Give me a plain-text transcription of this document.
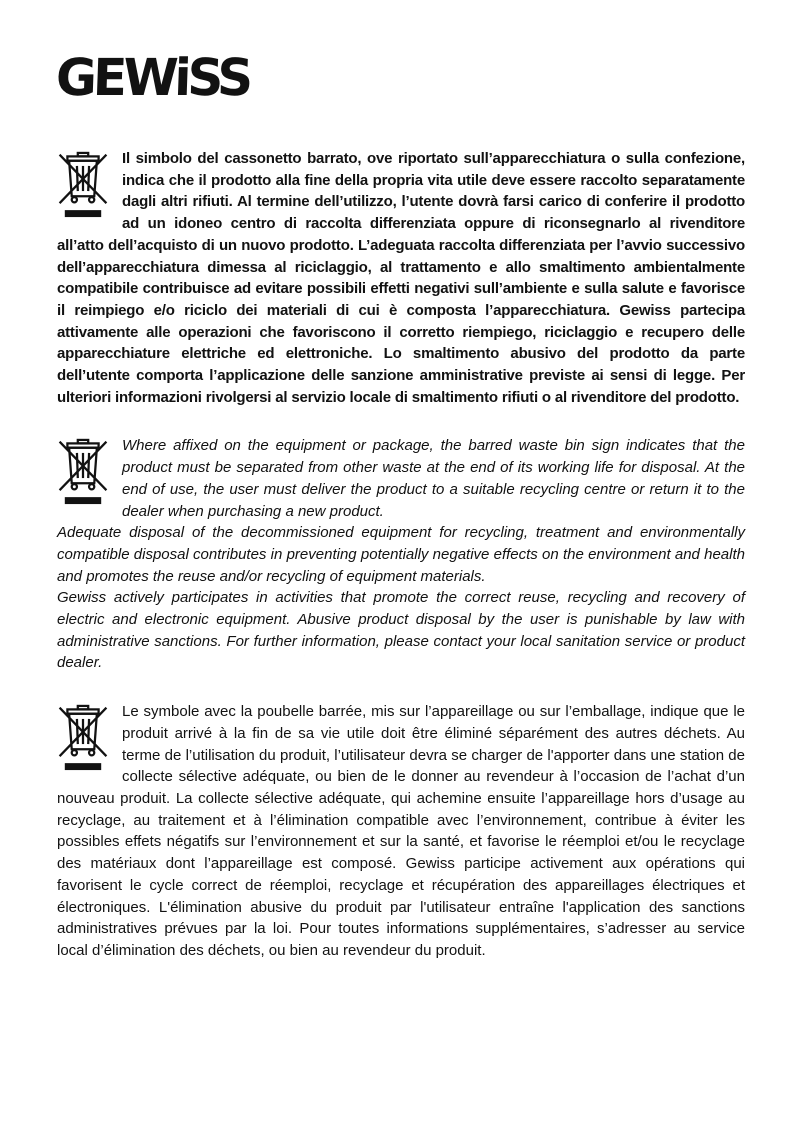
GEWiSS

Il simbolo del cassonetto barrato, ove riportato sull’apparecchiatura o sulla confezione, indica che il prodotto alla fine della propria vita utile deve essere raccolto separatamente dagli altri rifiuti. Al termine dell’utilizzo, l’utente dovrà farsi carico di conferire il prodotto ad un idoneo centro di raccolta differenziata oppure di riconsegnarlo al rivenditore all’atto dell’acquisto di un nuovo prodotto. L’adeguata raccolta differenziata per l’avvio successivo dell’apparecchiatura dimessa al riciclaggio, al trattamento e allo smaltimento ambientalmente compatibile contribuisce ad evitare possibili effetti negativi sull’ambiente e sulla salute e favorisce il reimpiego e/o riciclo dei materiali di cui è composta l’apparecchiatura. Gewiss partecipa attivamente alle operazioni che favoriscono il corretto riempiego, riciclaggio e recupero delle apparecchiature elettriche ed elettroniche. Lo smaltimento abusivo del prodotto da parte dell’utente comporta l’applicazione delle sanzione amministrative previste ai sensi di legge. Per ulteriori informazioni rivolgersi al servizio locale di smaltimento rifiuti o al rivenditore del prodotto.

Where affixed on the equipment or package, the barred waste bin sign indicates that the product must be separated from other waste at the end of its working life for disposal. At the end of use, the user must deliver the product to a suitable recycling centre or return it to the dealer when purchasing a new product.

Adequate disposal of the decommissioned equipment for recycling, treatment and environmentally compatible disposal contributes in preventing potentially negative effects on the environment and health and promotes the reuse and/or recycling of equipment materials.

Gewiss actively participates in activities that promote the correct reuse, recycling and recovery of electric and electronic equipment. Abusive product disposal by the user is punishable by law with administrative sanctions. For further information, please contact your local sanitation service or product dealer.

Le symbole avec la poubelle barrée, mis sur l’appareillage ou sur l’emballage, indique que le produit arrivé à la fin de sa vie utile doit être éliminé séparément des autres déchets. Au terme de l’utilisation du produit, l’utilisateur devra se charger de l'apporter dans une station de collecte sélective adéquate, ou bien de le donner au revendeur à l’occasion de l’achat d’un nouveau produit. La collecte sélective adéquate, qui achemine ensuite l’appareillage hors d’usage au recyclage, au traitement et à l’élimination compatible avec l’environnement, contribue à éviter les possibles effets négatifs sur l’environnement et sur la santé, et favorise le réemploi et/ou le recyclage des matériaux dont l’appareillage est composé. Gewiss participe activement aux opérations qui favorisent le cycle correct de réemploi, recyclage et récupération des appareillages électriques et électroniques. L'élimination abusive du produit par l'utilisateur entraîne l'application des sanctions administratives prévues par la loi. Pour toutes informations supplémentaires, s’adresser au service local d’élimination des déchets, ou bien au revendeur du produit.
